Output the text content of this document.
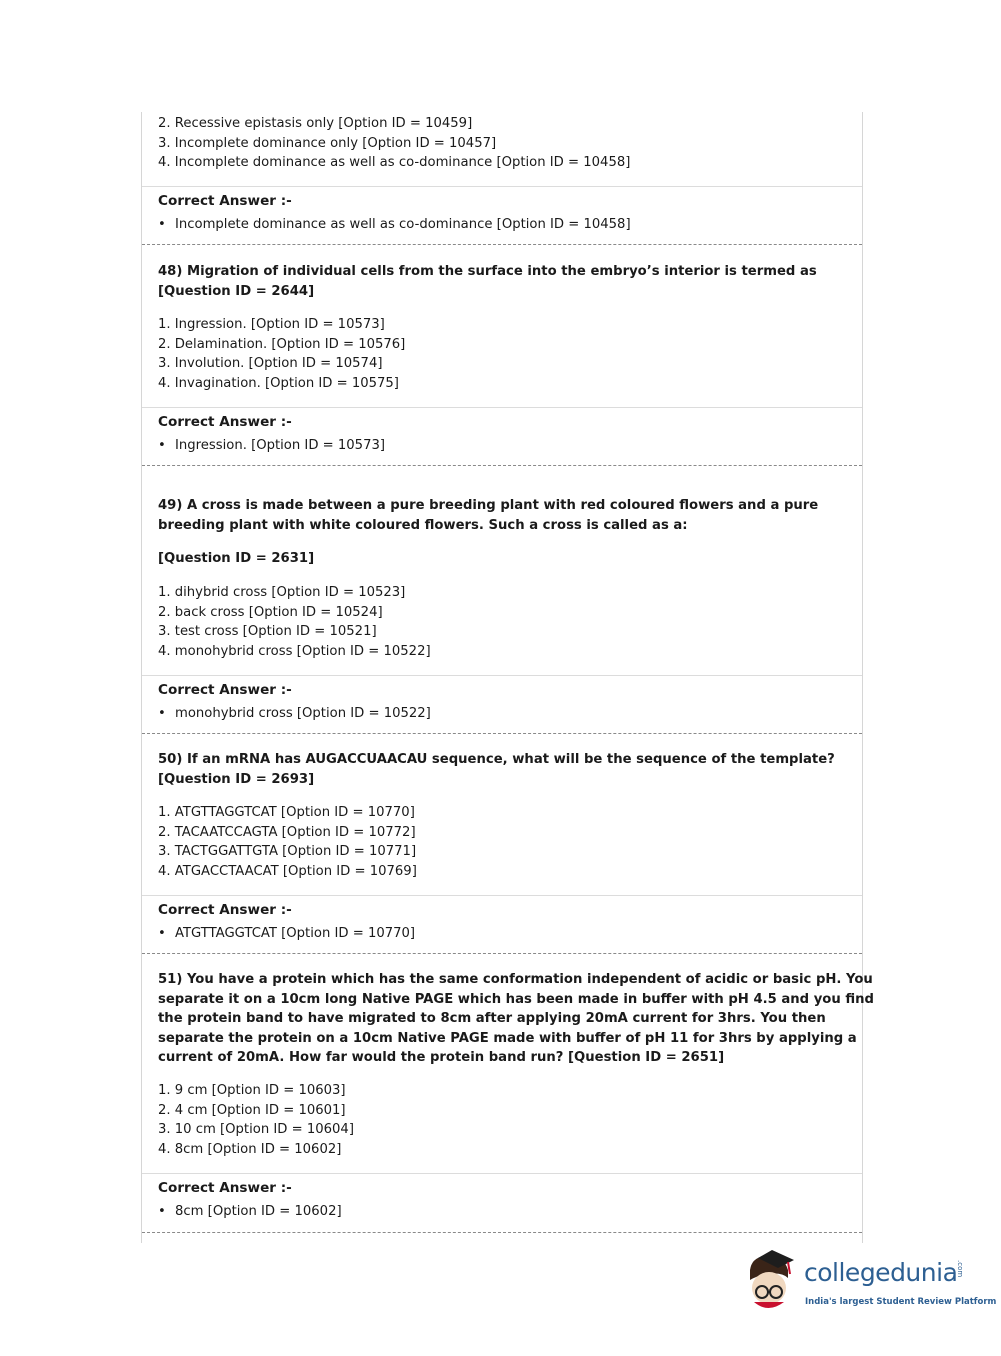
2. Recessive epistasis only [Option ID = 10459]
3. Incomplete dominance only [Option ID = 10457]
4. Incomplete dominance as well as co-dominance [Option ID = 10458]
Correct Answer :-
• Incomplete dominance as well as co-dominance [Option ID = 10458]
48) Migration of individual cells from the surface into the embryo’s interior is termed as
[Question ID = 2644]
1. Ingression. [Option ID = 10573]
2. Delamination. [Option ID = 10576]
3. Involution. [Option ID = 10574]
4. Invagination. [Option ID = 10575]
Correct Answer :-
• Ingression. [Option ID = 10573]
49) A cross is made between a pure breeding plant with red coloured flowers and a pure
breeding plant with white coloured flowers. Such a cross is called as a:
[Question ID = 2631]
1. dihybrid cross [Option ID = 10523]
2. back cross [Option ID = 10524]
3. test cross [Option ID = 10521]
4. monohybrid cross [Option ID = 10522]
Correct Answer :-
• monohybrid cross [Option ID = 10522]
50) If an mRNA has AUGACCUAACAU sequence, what will be the sequence of the template?
[Question ID = 2693]
1. ATGTTAGGTCAT [Option ID = 10770]
2. TACAATCCAGTA [Option ID = 10772]
3. TACTGGATTGTA [Option ID = 10771]
4. ATGACCTAACAT [Option ID = 10769]
Correct Answer :-
• ATGTTAGGTCAT [Option ID = 10770]
51) You have a protein which has the same conformation independent of acidic or basic pH. You
separate it on a 10cm long Native PAGE which has been made in buffer with pH 4.5 and you find
the protein band to have migrated to 8cm after applying 20mA current for 3hrs. You then
separate the protein on a 10cm Native PAGE made with buffer of pH 11 for 3hrs by applying a
current of 20mA. How far would the protein band run? [Question ID = 2651]
1. 9 cm [Option ID = 10603]
2. 4 cm [Option ID = 10601]
3. 10 cm [Option ID = 10604]
4. 8cm [Option ID = 10602]
Correct Answer :-
• 8cm [Option ID = 10602]
collegedunia
.com
India's largest Student Review Platform
